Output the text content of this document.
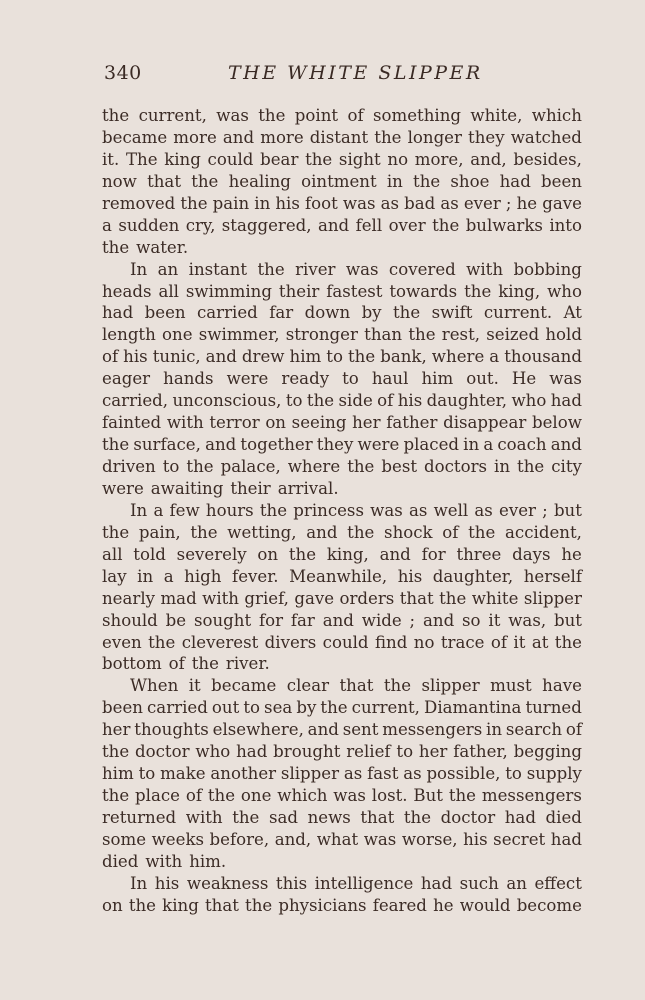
340	THE WHITE SLIPPER
the current, was the point of something white, which
became more and more distant the longer they watched
it. The king could bear the sight no more, and, besides,
now that the healing ointment in the shoe had been
removed the pain in his foot was as bad as ever ; he gave
a sudden cry, staggered, and fell over the bulwarks into
the water.
In an instant the river was covered with bobbing
heads all swimming their fastest towards the king, who
had been carried far down by the swift current. At
length one swimmer, stronger than the rest, seized hold
of his tunic, and drew him to the bank, where a thousand
eager hands were ready to haul him out. He was
carried, unconscious, to the side of his daughter, who had
fainted with terror on seeing her father disappear below
the surface, and together they were placed in a coach and
driven to the palace, where the best doctors in the city
were awaiting their arrival.
In a few hours the princess was as well as ever ; but
the pain, the wetting, and the shock of the accident,
all told severely on the king, and for three days he
lay in a high fever. Meanwhile, his daughter, herself
nearly mad with grief, gave orders that the white slipper
should be sought for far and wide ; and so it was, but
even the cleverest divers could find no trace of it at the
bottom of the river.
When it became clear that the slipper must have
been carried out to sea by the current, Diamantina turned
her thoughts elsewhere, and sent messengers in search of
the doctor who had brought relief to her father, begging
him to make another slipper as fast as possible, to supply
the place of the one which was lost. But the messengers
returned with the sad news that the doctor had died
some weeks before, and, what was worse, his secret had
died with him.
In his weakness this intelligence had such an effect
on the king that the physicians feared he would become
